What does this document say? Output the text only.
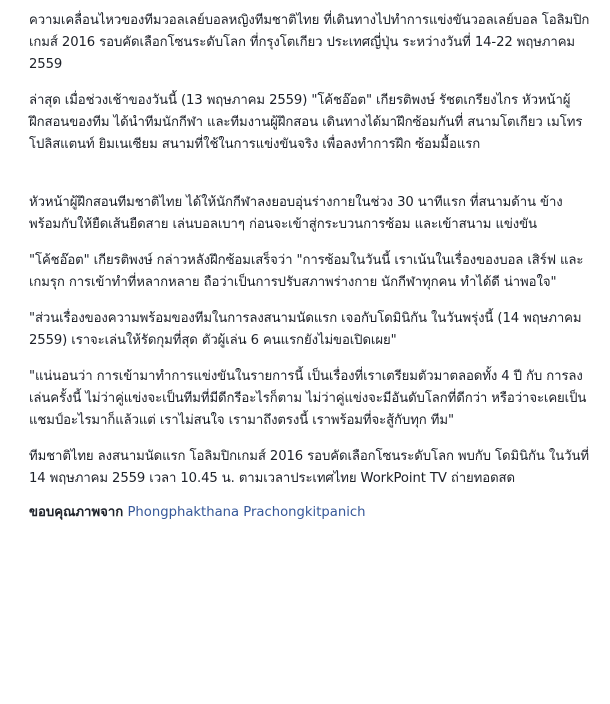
ความเคลื่อนไหวของทีมวอลเลย์บอลหญิงทีมชาติไทย ที่เดินทางไปทำการแข่งขันวอลเลย์บอล โอลิมปิกเกมส์ 2016 รอบคัดเลือกโซนระดับโลก ที่กรุงโตเกียว ประเทศญี่ปุ่น ระหว่างวันที่ 14-22 พฤษภาคม 2559

ล่าสุด เมื่อช่วงเช้าของวันนี้ (13 พฤษภาคม 2559) "โค้ชอ๊อต" เกียรติพงษ์ รัชตเกรียงไกร หัวหน้าผู้ฝึกสอนของทีม ได้นำทีมนักกีฬา และทีมงานผู้ฝึกสอน เดินทางได้มาฝึกซ้อมกันที่ สนามโตเกียว เมโทรโปลิสแตนท์ ยิมเนเซียม สนามที่ใช้ในการแข่งขันจริง เพื่อลงทำการฝึก ซ้อมมื้อแรก

หัวหน้าผู้ฝึกสอนทีมชาติไทย ได้ให้นักกีฬาลงยอบอุ่นร่างกายในช่วง 30 นาทีแรก ที่สนามด้าน ข้าง พร้อมกับให้ยืดเส้นยืดสาย เล่นบอลเบาๆ ก่อนจะเข้าสู่กระบวนการซ้อม และเข้าสนาม แข่งขัน

"โค้ชอ๊อต" เกียรติพงษ์ กล่าวหลังฝึกซ้อมเสร็จว่า "การซ้อมในวันนี้ เราเน้นในเรื่องของบอล เสิร์ฟ และเกมรุก การเข้าทำที่หลากหลาย ถือว่าเป็นการปรับสภาพร่างกาย นักกีฬาทุกคน ทำได้ดี น่าพอใจ"

"ส่วนเรื่องของความพร้อมของทีมในการลงสนามนัดแรก เจอกับโดมินิกัน ในวันพรุ่งนี้ (14 พฤษภาคม 2559) เราจะเล่นให้รัดกุมที่สุด ตัวผู้เล่น 6 คนแรกยังไม่ขอเปิดเผย"

"แน่นอนว่า การเข้ามาทำการแข่งขันในรายการนี้ เป็นเรื่องที่เราเตรียมตัวมาตลอดทั้ง 4 ปี กับ การลงเล่นครั้งนี้ ไม่ว่าคู่แข่งจะเป็นทีมที่มีดีกรีอะไรก็ตาม ไม่ว่าคู่แข่งจะมีอันดับโลกที่ดีกว่า หรือว่าจะเคยเป็นแชมป์อะไรมาก็แล้วแต่ เราไม่สนใจ เรามาถึงตรงนี้ เราพร้อมที่จะสู้กับทุก ทีม"

ทีมชาติไทย ลงสนามนัดแรก โอลิมปิกเกมส์ 2016 รอบคัดเลือกโซนระดับโลก พบกับ โดมินิกัน ในวันที่ 14 พฤษภาคม 2559 เวลา 10.45 น. ตามเวลาประเทศไทย WorkPoint TV ถ่ายทอดสด

ขอบคุณภาพจาก Phongphakthana Prachongkitpanich
